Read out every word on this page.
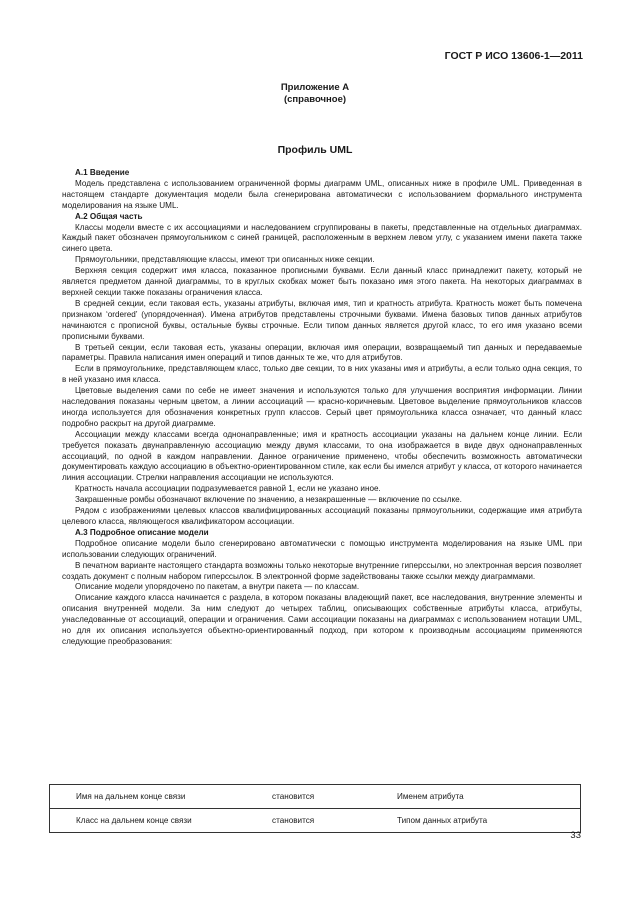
ГОСТ Р ИСО 13606-1—2011
Приложение А
(справочное)
Профиль UML
А.1 Введение

Модель представлена с использованием ограниченной формы диаграмм UML, описанных ниже в профиле UML. Приведенная в настоящем стандарте документация модели была сгенерирована автоматически с использованием формального инструмента моделирования на языке UML.

А.2 Общая часть

Классы модели вместе с их ассоциациями и наследованием сгруппированы в пакеты, представленные на отдельных диаграммах. Каждый пакет обозначен прямоугольником с синей границей, расположенным в верхнем левом углу, с указанием имени пакета также синего цвета.

Прямоугольники, представляющие классы, имеют три описанных ниже секции.

Верхняя секция содержит имя класса, показанное прописными буквами. Если данный класс принадлежит пакету, который не является предметом данной диаграммы, то в круглых скобках может быть показано имя этого пакета. На некоторых диаграммах в верхней секции также показаны ограничения класса.

В средней секции, если таковая есть, указаны атрибуты, включая имя, тип и кратность атрибута. Кратность может быть помечена признаком ‘ordered’ (упорядоченная). Имена атрибутов представлены строчными буквами. Имена базовых типов данных атрибутов начинаются с прописной буквы, остальные буквы строчные. Если типом данных является другой класс, то его имя указано всеми прописными буквами.

В третьей секции, если таковая есть, указаны операции, включая имя операции, возвращаемый тип данных и передаваемые параметры. Правила написания имен операций и типов данных те же, что для атрибутов.

Если в прямоугольнике, представляющем класс, только две секции, то в них указаны имя и атрибуты, а если только одна секция, то в ней указано имя класса.

Цветовые выделения сами по себе не имеет значения и используются только для улучшения восприятия информации. Линии наследования показаны черным цветом, а линии ассоциаций — красно-коричневым. Цветовое выделение прямоугольников классов иногда используется для обозначения конкретных групп классов. Серый цвет прямоугольника класса означает, что данный класс подробно раскрыт на другой диаграмме.

Ассоциации между классами всегда однонаправленные; имя и кратность ассоциации указаны на дальнем конце линии. Если требуется показать двунаправленную ассоциацию между двумя классами, то она изображается в виде двух однонаправленных ассоциаций, по одной в каждом направлении. Данное ограничение применено, чтобы обеспечить возможность автоматически документировать каждую ассоциацию в объектно-ориентированном стиле, как если бы имелся атрибут у класса, от которого начинается линия ассоциации. Стрелки направления ассоциации не используются.

Кратность начала ассоциации подразумевается равной 1, если не указано иное.

Закрашенные ромбы обозначают включение по значению, а незакрашенные — включение по ссылке.

Рядом с изображениями целевых классов квалифицированных ассоциаций показаны прямоугольники, содержащие имя атрибута целевого класса, являющегося квалификатором ассоциации.

А.3 Подробное описание модели

Подробное описание модели было сгенерировано автоматически с помощью инструмента моделирования на языке UML при использовании следующих ограничений.

В печатном варианте настоящего стандарта возможны только некоторые внутренние гиперссылки, но электронная версия позволяет создать документ с полным набором гиперссылок. В электронной форме задействованы также ссылки между диаграммами.

Описание модели упорядочено по пакетам, а внутри пакета — по классам.

Описание каждого класса начинается с раздела, в котором показаны владеющий пакет, все наследования, внутренние элементы и описания внутренней модели. За ним следуют до четырех таблиц, описывающих собственные атрибуты класса, атрибуты, унаследованные от ассоциаций, операции и ограничения. Сами ассоциации показаны на диаграммах с использованием нотации UML, но для их описания используется объектно-ориентированный подход, при котором к производным ассоциациям применяются следующие преобразования:

Имя на дальнем конце связи	становится	Именем атрибута
Класс на дальнем конце связи	становится	Типом данных атрибута
33
